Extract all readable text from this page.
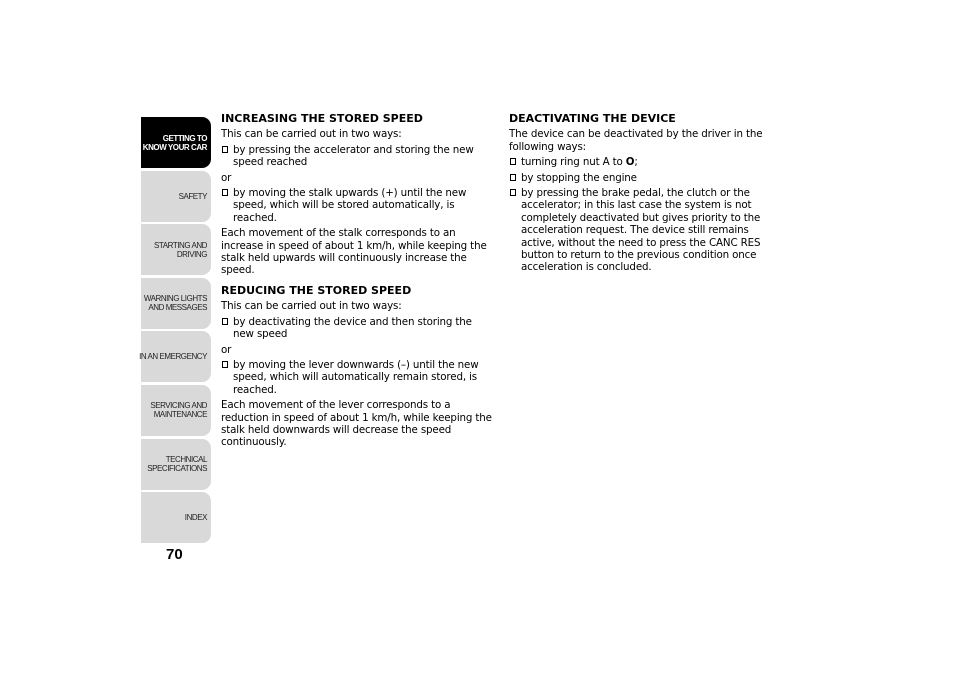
GETTING TO
KNOW YOUR CAR
SAFETY
STARTING AND
DRIVING
WARNING LIGHTS
AND MESSAGES
IN AN EMERGENCY
SERVICING AND
MAINTENANCE
TECHNICAL
SPECIFICATIONS
INDEX
70
INCREASING THE STORED SPEED

This can be carried out in two ways:

by pressing the accelerator and storing the new speed reached

or

by moving the stalk upwards (+) until the new speed, which will be stored automatically, is reached.

Each movement of the stalk corresponds to an increase in speed of about 1 km/h, while keeping the stalk held upwards will continuously increase the speed.

REDUCING THE STORED SPEED

This can be carried out in two ways:

by deactivating the device and then storing the new speed

or

by moving the lever downwards (–) until the new speed, which will automatically remain stored, is reached.

Each movement of the lever corresponds to a reduction in speed of about 1 km/h, while keeping the stalk held downwards will decrease the speed continuously.

DEACTIVATING THE DEVICE

The device can be deactivated by the driver in the following ways:

turning ring nut A to O;
by stopping the engine
by pressing the brake pedal, the clutch or the accelerator; in this last case the system is not completely deactivated but gives priority to the acceleration request. The device still remains active, without the need to press the CANC RES button to return to the previous condition once acceleration is concluded.
